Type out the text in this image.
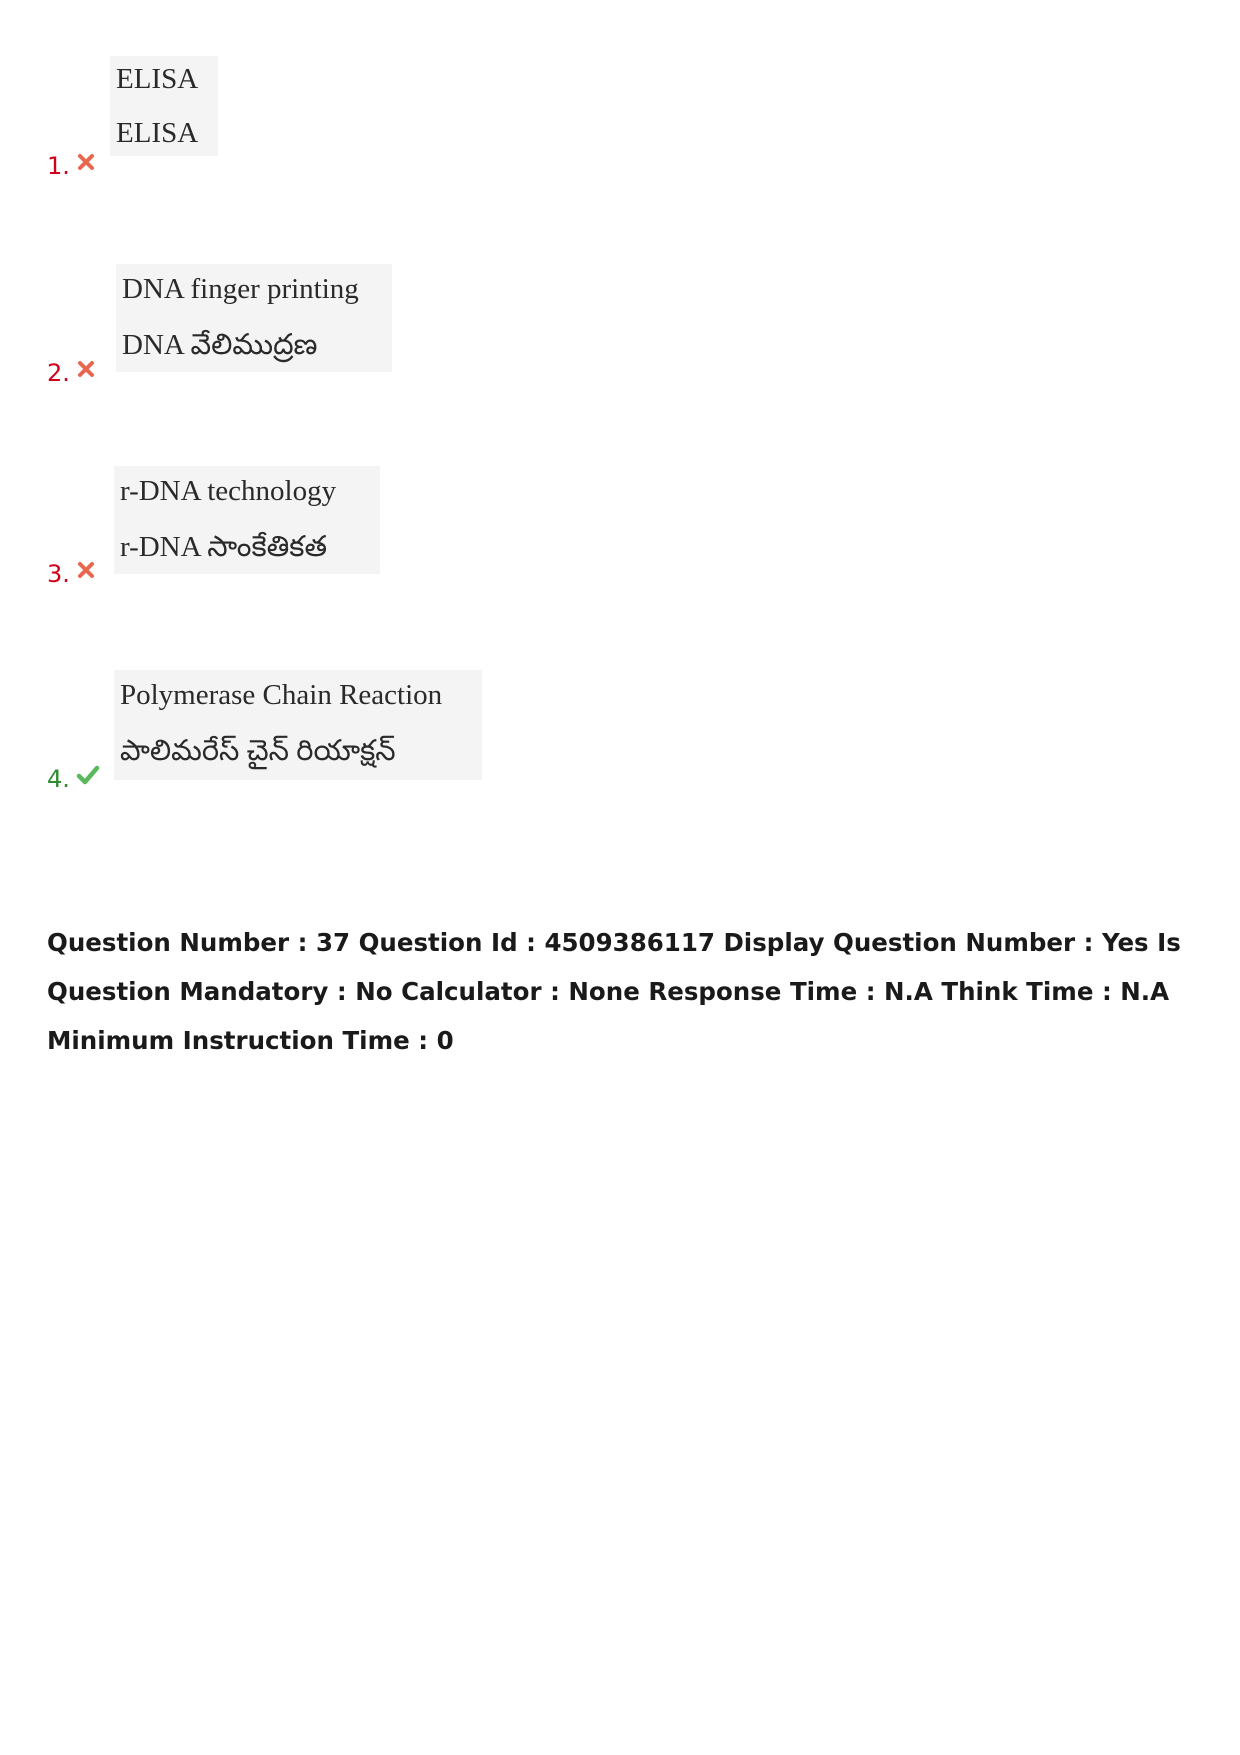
ELISA
ELISA
1.
DNA finger printing
DNA వేలిముద్రణ
2.
r-DNA technology
r-DNA సాంకేతికత
3.
Polymerase Chain Reaction
పాలిమరేస్ చైన్ రియాక్షన్
4.
Question Number : 37 Question Id : 4509386117 Display Question Number : Yes Is Question Mandatory : No Calculator : None Response Time : N.A Think Time : N.A Minimum Instruction Time : 0
